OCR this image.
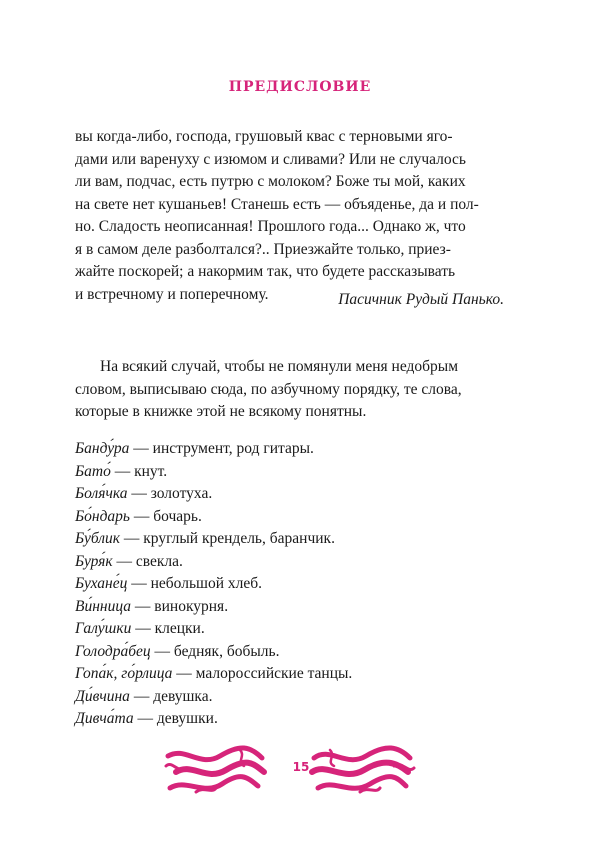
ПРЕДИСЛОВИЕ
вы когда-либо, господа, грушовый квас с терновыми яго-
дами или варенуху с изюмом и сливами? Или не случалось
ли вам, подчас, есть путрю с молоком? Боже ты мой, каких
на свете нет кушаньев! Станешь есть — объяденье, да и пол-
но. Сладость неописанная! Прошлого года... Однако ж, что
я в самом деле разболтался?.. Приезжайте только, приез-
жайте поскорей; а накормим так, что будете рассказывать
и встречному и поперечному.	Пасичник Рудый Панько.
На всякий случай, чтобы не помянули меня недобрым
словом, выписываю сюда, по азбучному порядку, те слова,
которые в книжке этой не всякому понятны.
Банду́ра — инструмент, род гитары.
Бато́ — кнут.
Боля́чка — золотуха.
Бо́ндарь — бочарь.
Бу́блик — круглый крендель, баранчик.
Буря́к — свекла.
Бухане́ц — небольшой хлеб.
Ви́нница — винокурня.
Галу́шки — клецки.
Голодра́бец — бедняк, бобыль.
Гопа́к, го́рлица — малороссийские танцы.
Ди́вчина — девушка.
Дивча́та — девушки.
15
